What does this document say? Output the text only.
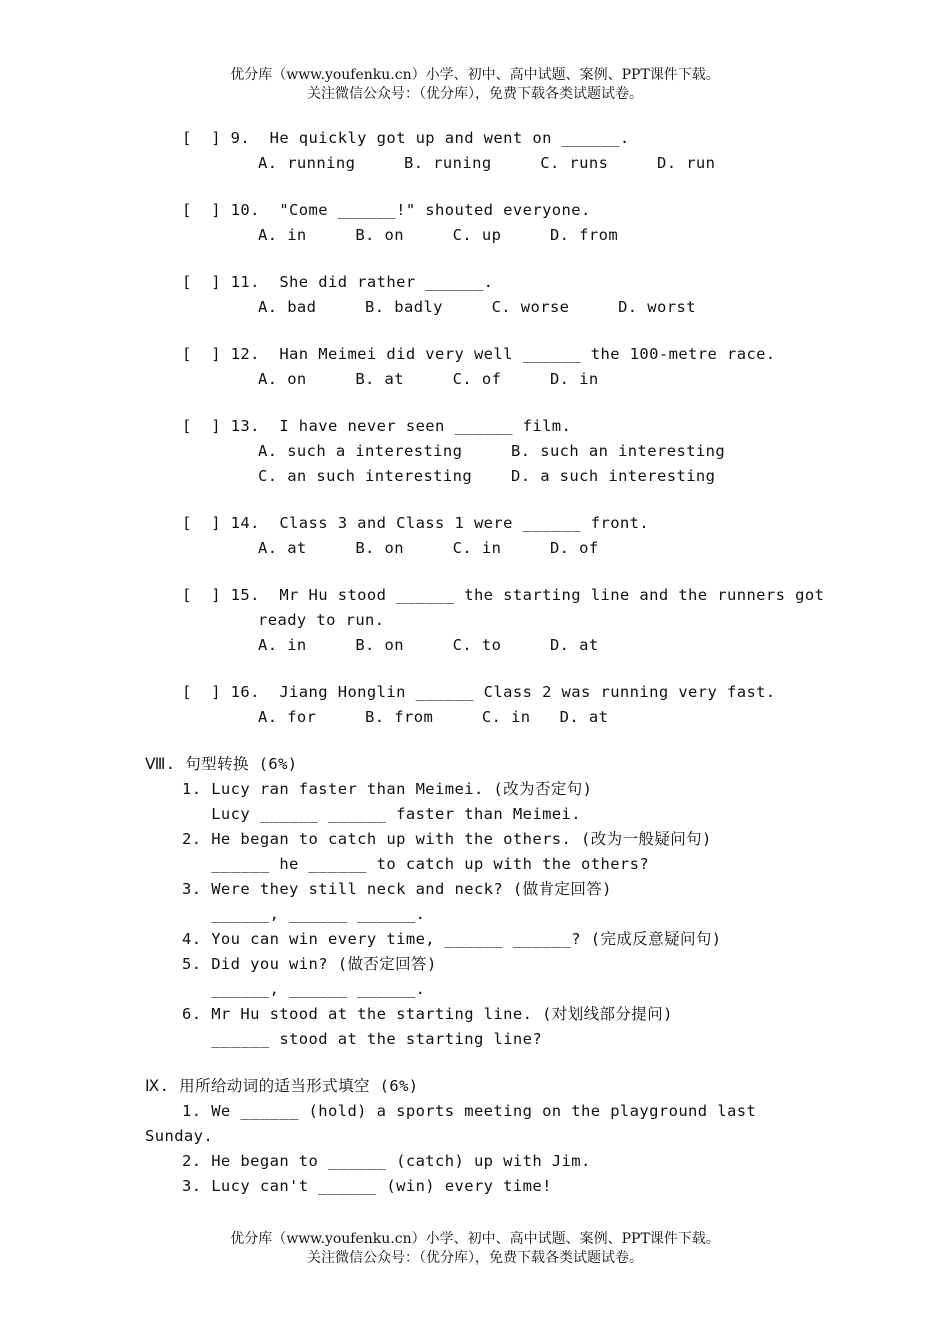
优分库（www.youfenku.cn）小学、初中、高中试题、案例、PPT课件下载。
关注微信公众号：（优分库），免费下载各类试题试卷。
[  ] 9.  He quickly got up and went on ______.
A. running     B. runing     C. runs     D. run
[  ] 10.  "Come ______!" shouted everyone.
A. in     B. on     C. up     D. from
[  ] 11.  She did rather ______.
A. bad     B. badly     C. worse     D. worst
[  ] 12.  Han Meimei did very well ______ the 100-metre race.
A. on     B. at     C. of     D. in
[  ] 13.  I have never seen ______ film.
A. such a interesting     B. such an interesting
C. an such interesting    D. a such interesting
[  ] 14.  Class 3 and Class 1 were ______ front.
A. at     B. on     C. in     D. of
[  ] 15.  Mr Hu stood ______ the starting line and the runners got
ready to run.
A. in     B. on     C. to     D. at
[  ] 16.  Jiang Honglin ______ Class 2 was running very fast.
A. for     B. from     C. in   D. at
Ⅷ. 句型转换 (6%)
1. Lucy ran faster than Meimei. (改为否定句)
Lucy ______ ______ faster than Meimei.
2. He began to catch up with the others. (改为一般疑问句)
______ he ______ to catch up with the others?
3. Were they still neck and neck? (做肯定回答)
______, ______ ______.
4. You can win every time, ______ ______? (完成反意疑问句)
5. Did you win? (做否定回答)
______, ______ ______.
6. Mr Hu stood at the starting line. (对划线部分提问)
______ stood at the starting line?
Ⅸ. 用所给动词的适当形式填空 (6%)
1. We ______ (hold) a sports meeting on the playground last
Sunday.
2. He began to ______ (catch) up with Jim.
3. Lucy can't ______ (win) every time!
优分库（www.youfenku.cn）小学、初中、高中试题、案例、PPT课件下载。
关注微信公众号：（优分库），免费下载各类试题试卷。
